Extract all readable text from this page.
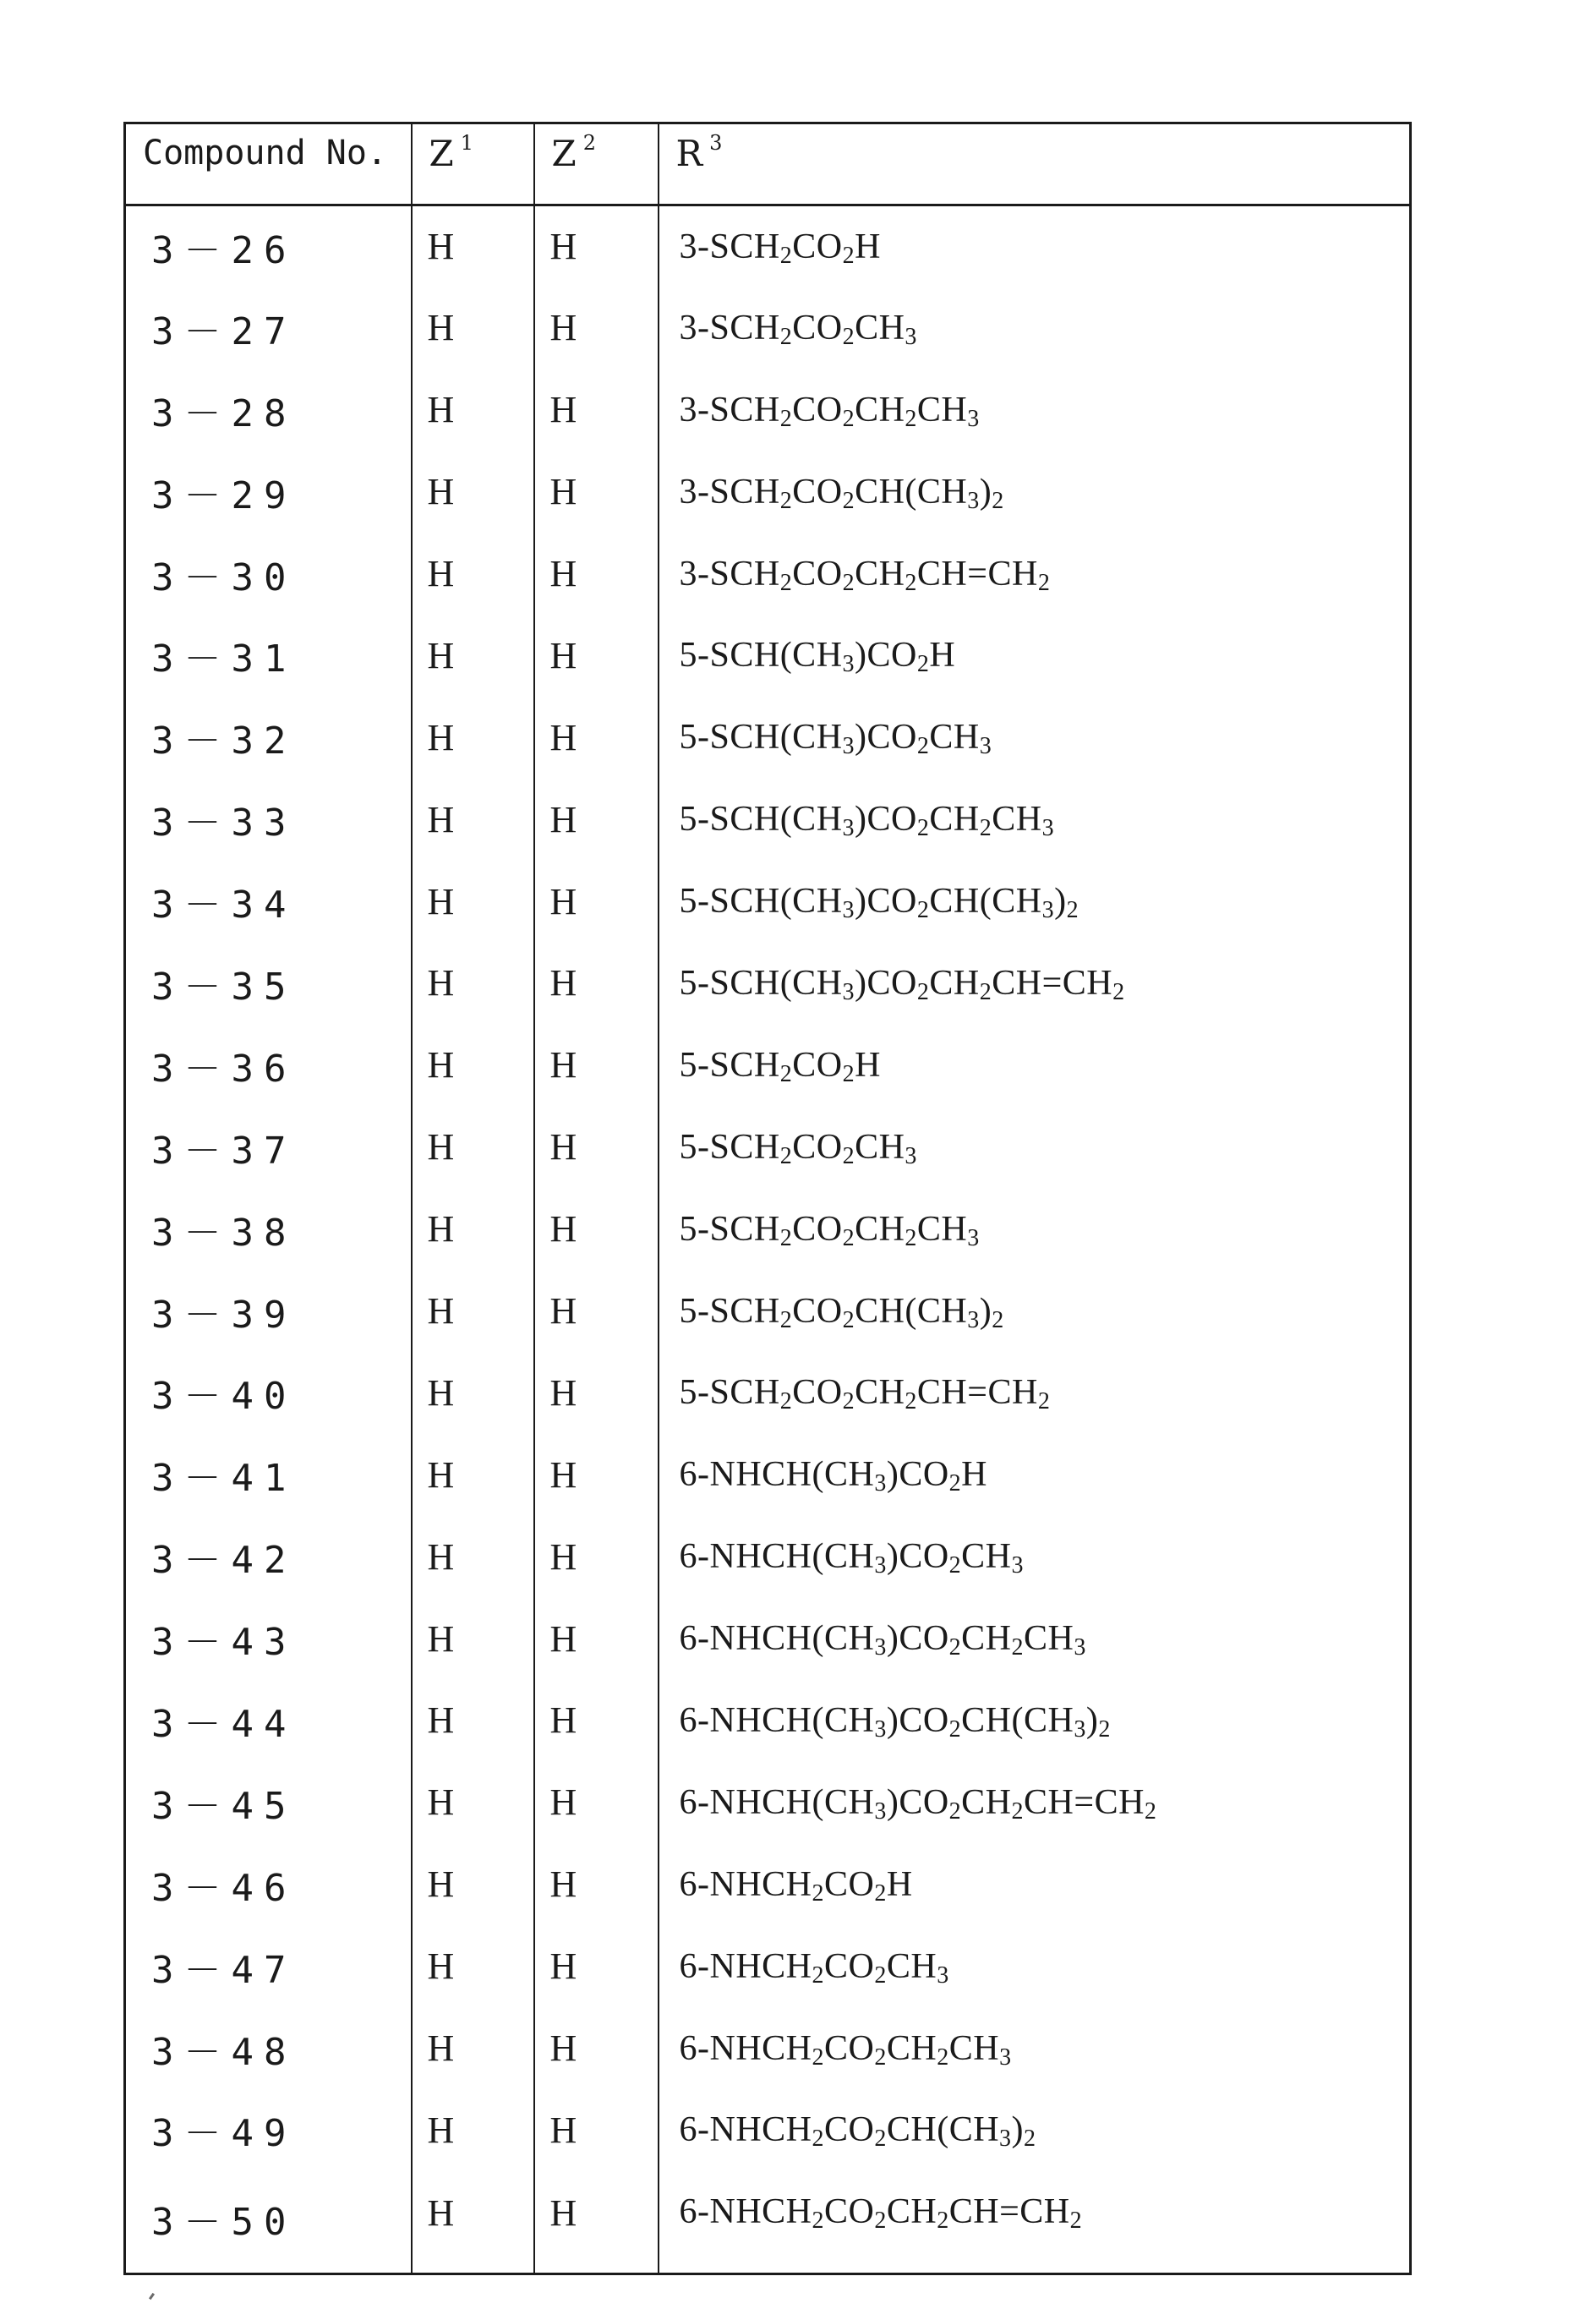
Compound No.	Z 1	Z 2	R 3
3－26	H	H	3-SCH2CO2H
3－27	H	H	3-SCH2CO2CH3
3－28	H	H	3-SCH2CO2CH2CH3
3－29	H	H	3-SCH2CO2CH(CH3)2
3－30	H	H	3-SCH2CO2CH2CH=CH2
3－31	H	H	5-SCH(CH3)CO2H
3－32	H	H	5-SCH(CH3)CO2CH3
3－33	H	H	5-SCH(CH3)CO2CH2CH3
3－34	H	H	5-SCH(CH3)CO2CH(CH3)2
3－35	H	H	5-SCH(CH3)CO2CH2CH=CH2
3－36	H	H	5-SCH2CO2H
3－37	H	H	5-SCH2CO2CH3
3－38	H	H	5-SCH2CO2CH2CH3
3－39	H	H	5-SCH2CO2CH(CH3)2
3－40	H	H	5-SCH2CO2CH2CH=CH2
3－41	H	H	6-NHCH(CH3)CO2H
3－42	H	H	6-NHCH(CH3)CO2CH3
3－43	H	H	6-NHCH(CH3)CO2CH2CH3
3－44	H	H	6-NHCH(CH3)CO2CH(CH3)2
3－45	H	H	6-NHCH(CH3)CO2CH2CH=CH2
3－46	H	H	6-NHCH2CO2H
3－47	H	H	6-NHCH2CO2CH3
3－48	H	H	6-NHCH2CO2CH2CH3
3－49	H	H	6-NHCH2CO2CH(CH3)2
3－50	H	H	6-NHCH2CO2CH2CH=CH2
